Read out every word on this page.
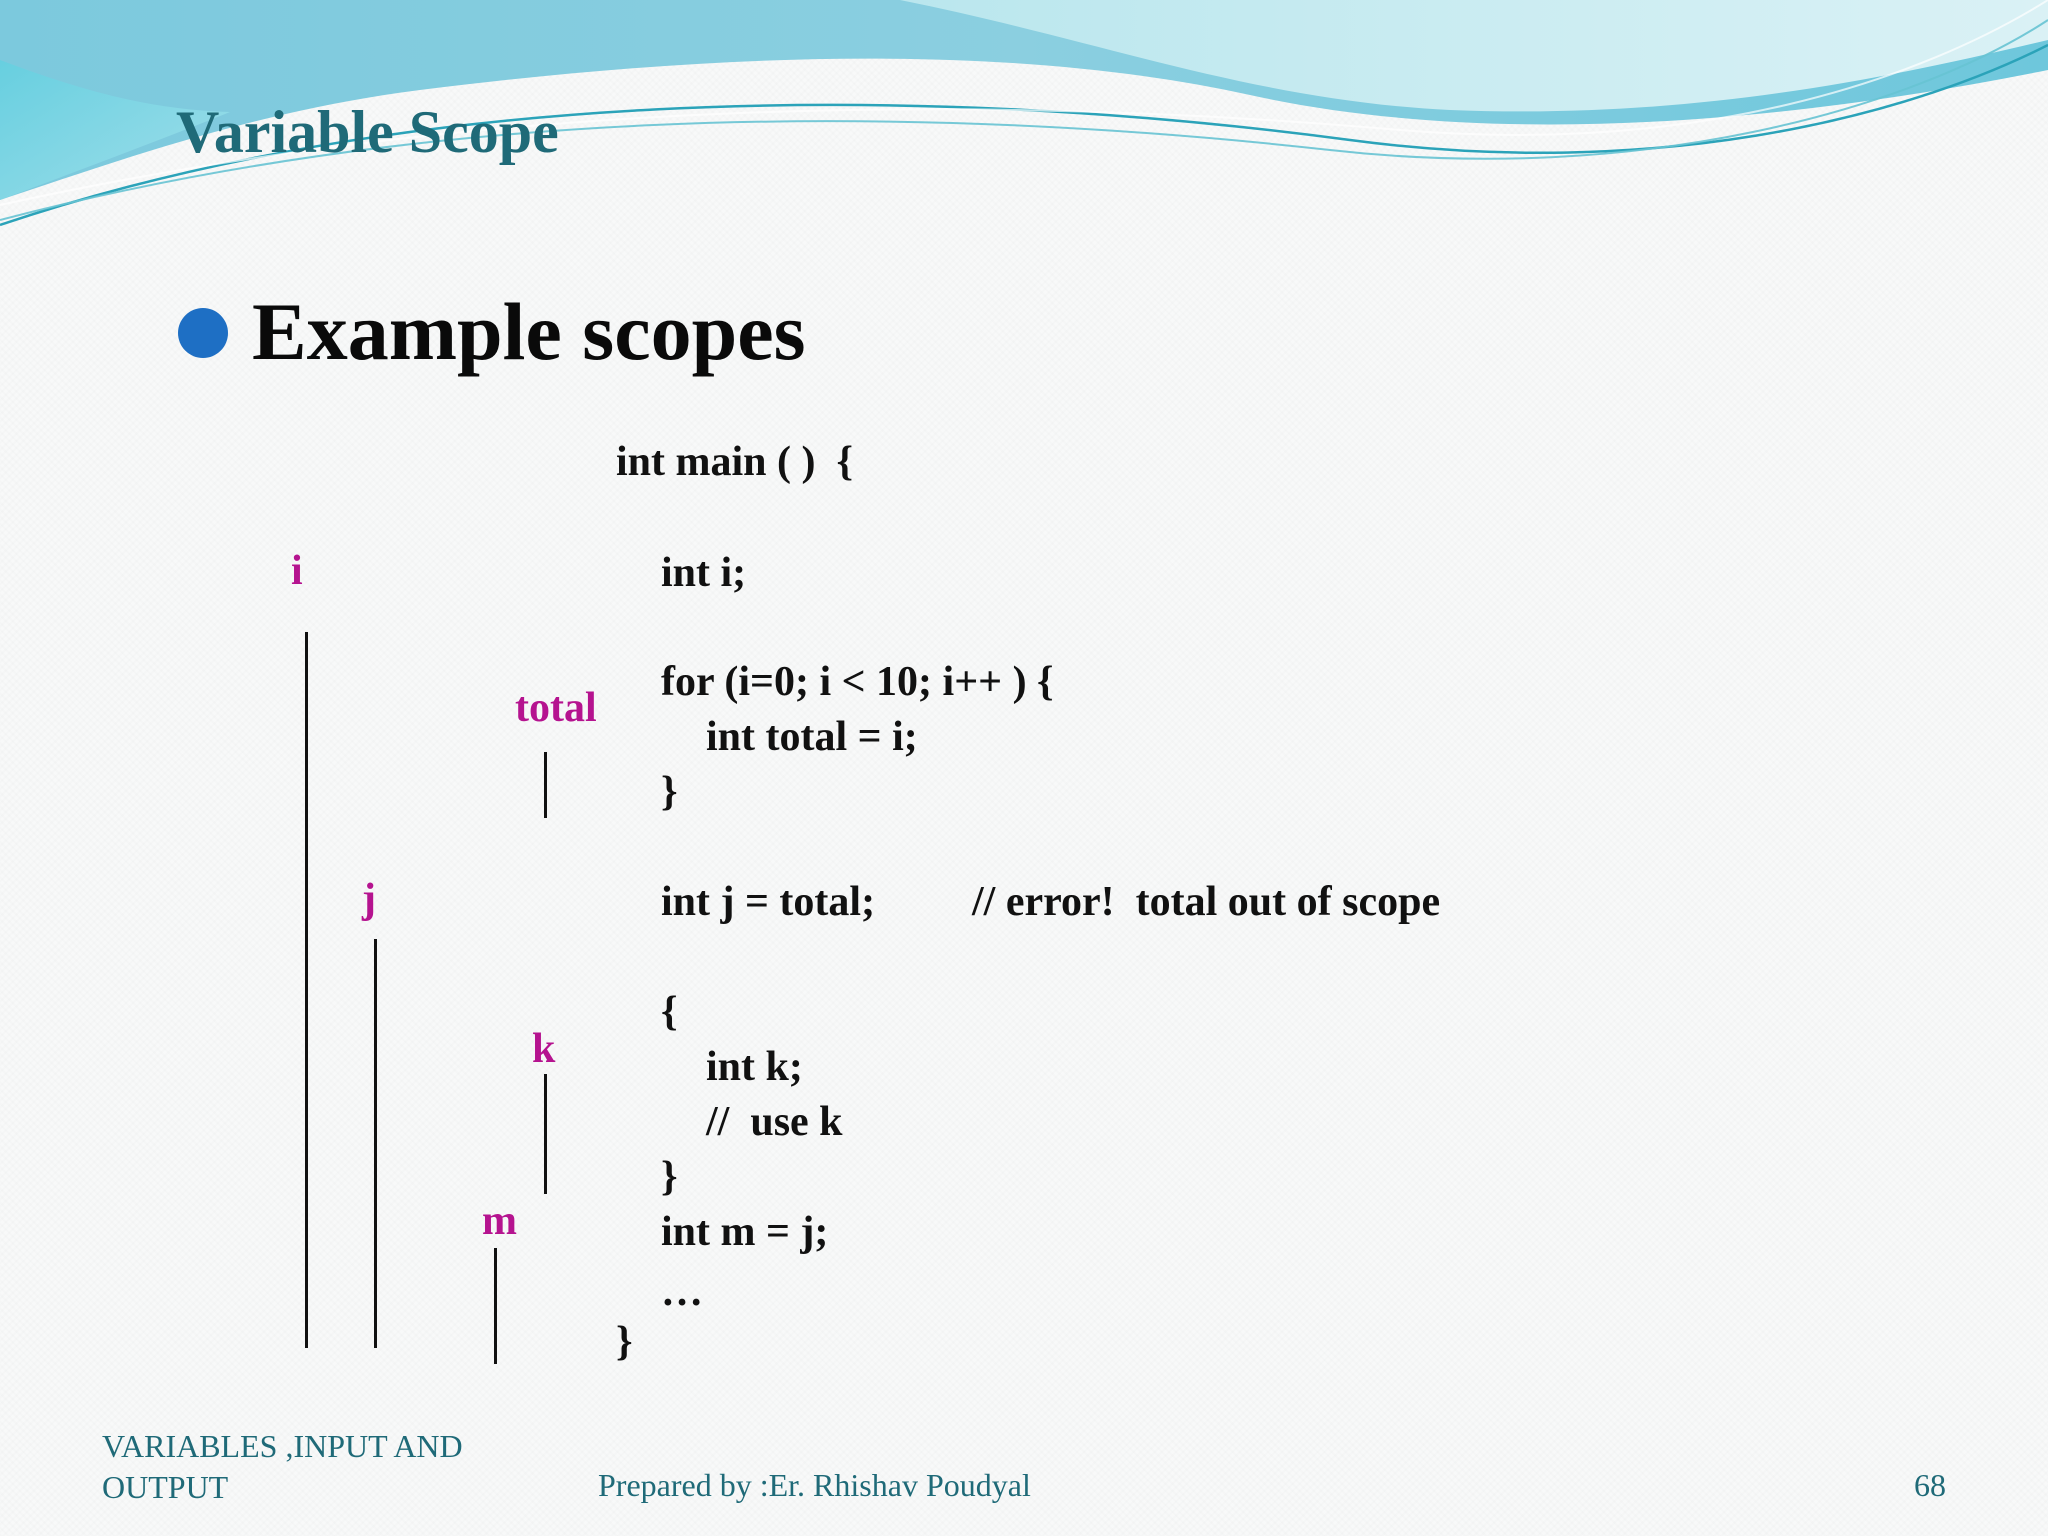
Variable Scope
Example scopes
int main ( )  {
int i;
for (i=0; i < 10; i++ ) {
int total = i;
}
int j = total; // error!  total out of scope
{
int k;
//  use k
}
int m = j;
…
}
i
total
j
k
m
VARIABLES ,INPUT AND OUTPUT	Prepared by :Er. Rhishav Poudyal	68
